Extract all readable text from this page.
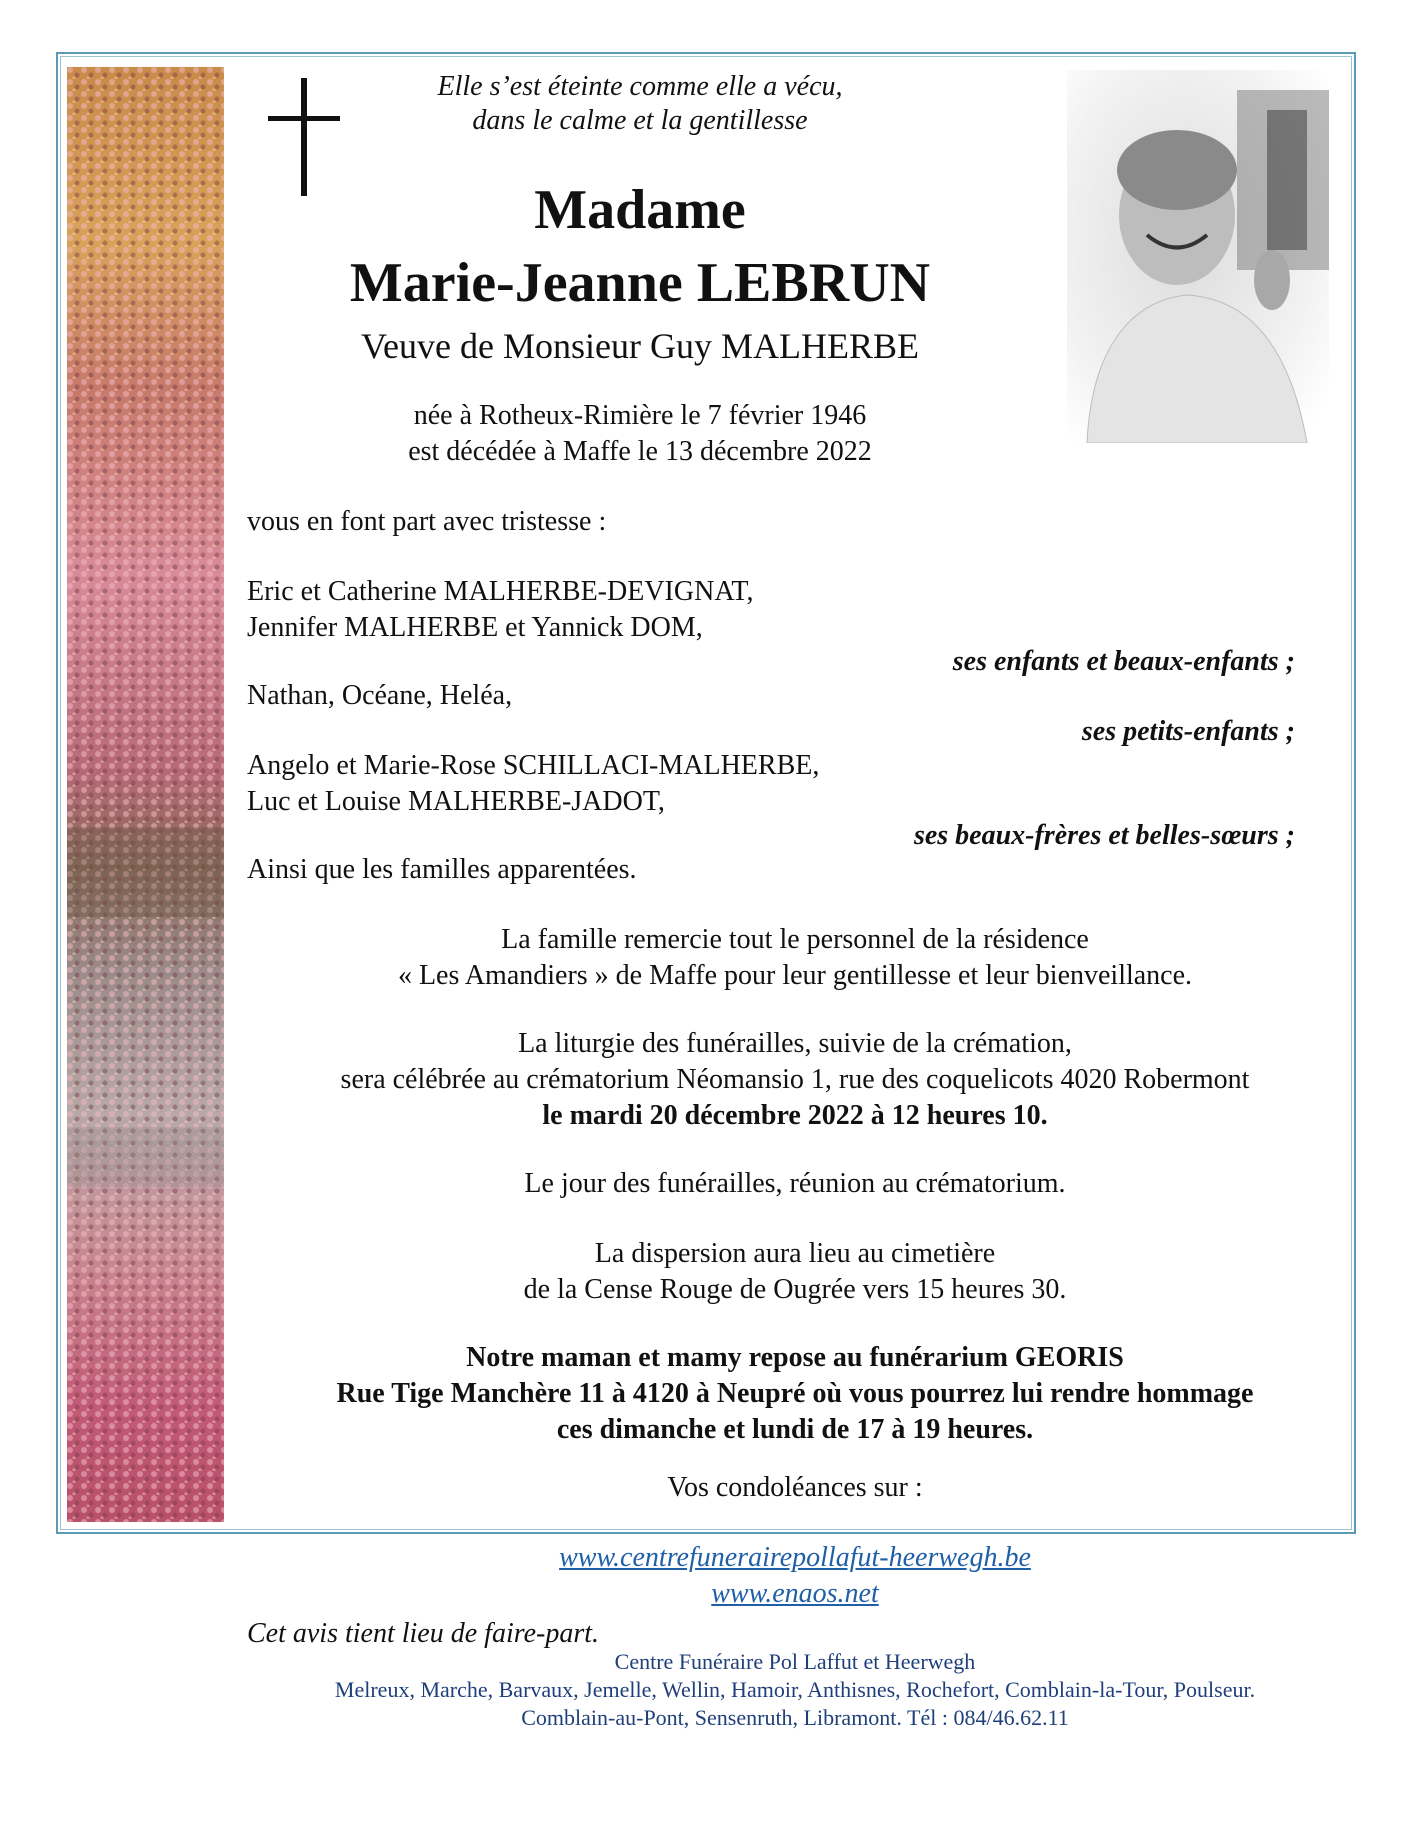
Elle s’est éteinte comme elle a vécu,
dans le calme et la gentillesse
Madame
Marie-Jeanne LEBRUN
Veuve de Monsieur Guy MALHERBE
née à Rotheux-Rimière le 7 février 1946
est décédée à Maffe le 13 décembre 2022
vous en font part avec tristesse :
Eric et Catherine MALHERBE-DEVIGNAT,
Jennifer MALHERBE et Yannick DOM,
ses enfants et beaux-enfants ;
Nathan, Océane, Heléa,
ses petits-enfants ;
Angelo et Marie-Rose SCHILLACI-MALHERBE,
Luc et Louise MALHERBE-JADOT,
ses beaux-frères et belles-sœurs ;
Ainsi que les familles apparentées.
La famille remercie tout le personnel de la résidence
« Les Amandiers » de Maffe pour leur gentillesse et leur bienveillance.
La liturgie des funérailles, suivie de la crémation,
sera célébrée au crématorium Néomansio 1, rue des coquelicots 4020 Robermont
le mardi 20 décembre 2022 à 12 heures 10.
Le jour des funérailles, réunion au crématorium.
La dispersion aura lieu au cimetière
de la Cense Rouge de Ougrée vers 15 heures 30.
Notre maman et mamy repose au funérarium GEORIS
Rue Tige Manchère 11 à 4120 à Neupré où vous pourrez lui rendre hommage
ces dimanche et lundi de 17 à 19 heures.
Vos condoléances sur :
www.centrefunerairepollafut-heerwegh.be
www.enaos.net
Cet avis tient lieu de faire-part.
Centre Funéraire Pol Laffut et Heerwegh
Melreux, Marche, Barvaux, Jemelle, Wellin, Hamoir, Anthisnes, Rochefort, Comblain-la-Tour, Poulseur.
Comblain-au-Pont, Sensenruth, Libramont. Tél : 084/46.62.11
